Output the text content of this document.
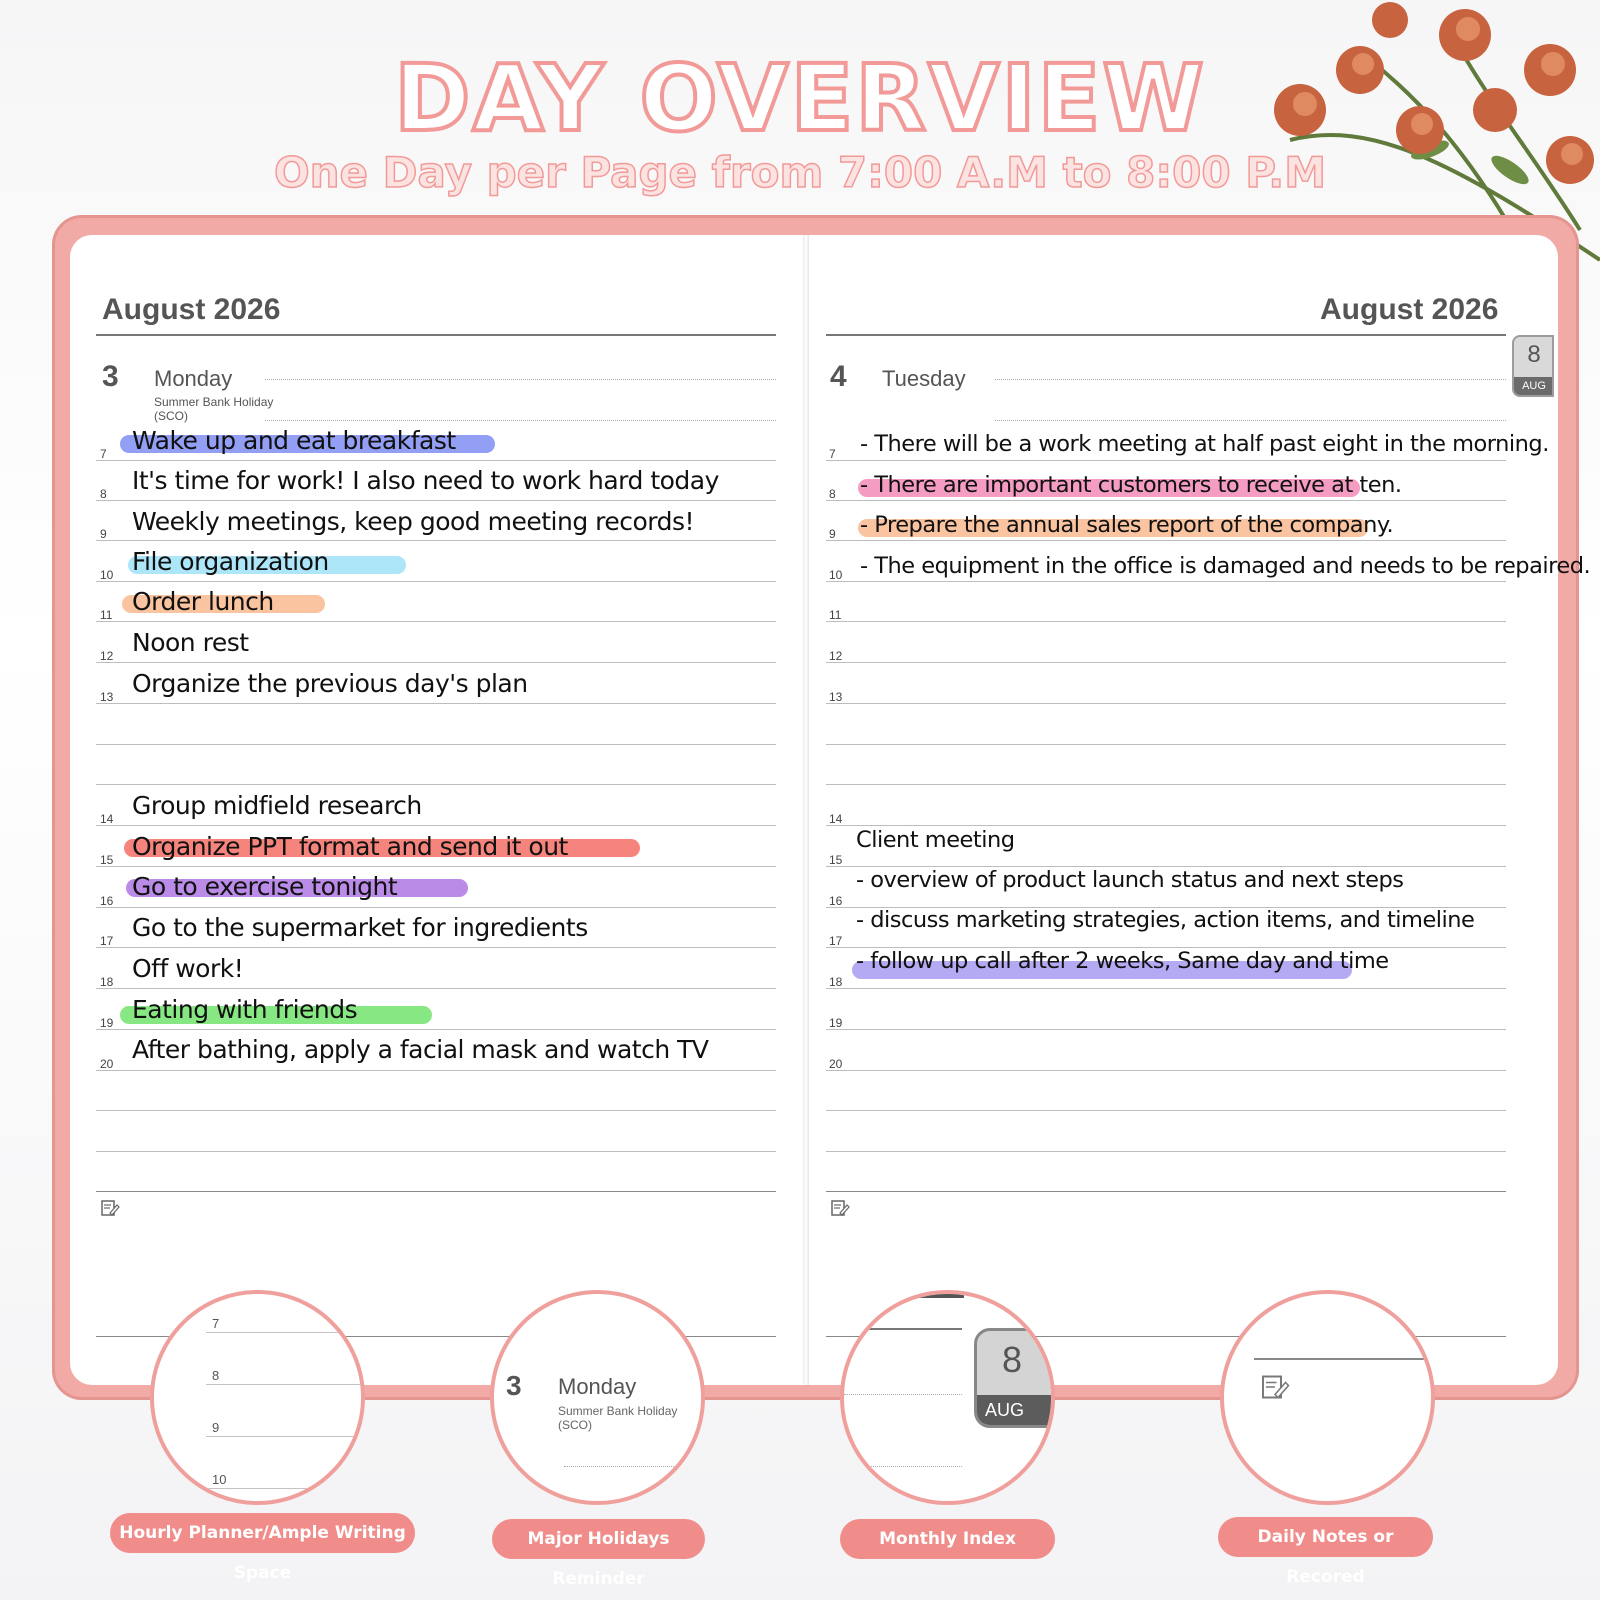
DAY OVERVIEW
One Day per Page from 7:00 A.M to 8:00 P.M
8
AUG
August 2026
3 Monday
Summer Bank Holiday
(SCO)
7
8
9
10
11
12
13
14
15
16
17
18
19
20
Wake up and eat breakfast
It's time for work! I also need to work hard today
Weekly meetings, keep good meeting records!
File organization
Order lunch
Noon rest
Organize the previous day's plan
Group midfield research
Organize PPT format and send it out
Go to exercise tonight
Go to the supermarket for ingredients
Off work!
Eating with friends
After bathing, apply a facial mask and watch TV
August 2026
4 Tuesday
7
8
9
10
11
12
13
14
15
16
17
18
19
20
- There will be a work meeting at half past eight in the morning.
- There are important customers to receive at ten.
- Prepare the annual sales report of the company.
- The equipment in the office is damaged and needs to be repaired.
Client meeting
- overview of product launch status and next steps
- discuss marketing strategies, action items, and timeline
- follow up call after 2 weeks, Same day and time
7
8
9
10
3 Monday
Summer Bank Holiday
(SCO)
8
AUG
Hourly Planner/Ample Writing Space
Major Holidays Reminder
Monthly Index	Daily Notes or Recored
